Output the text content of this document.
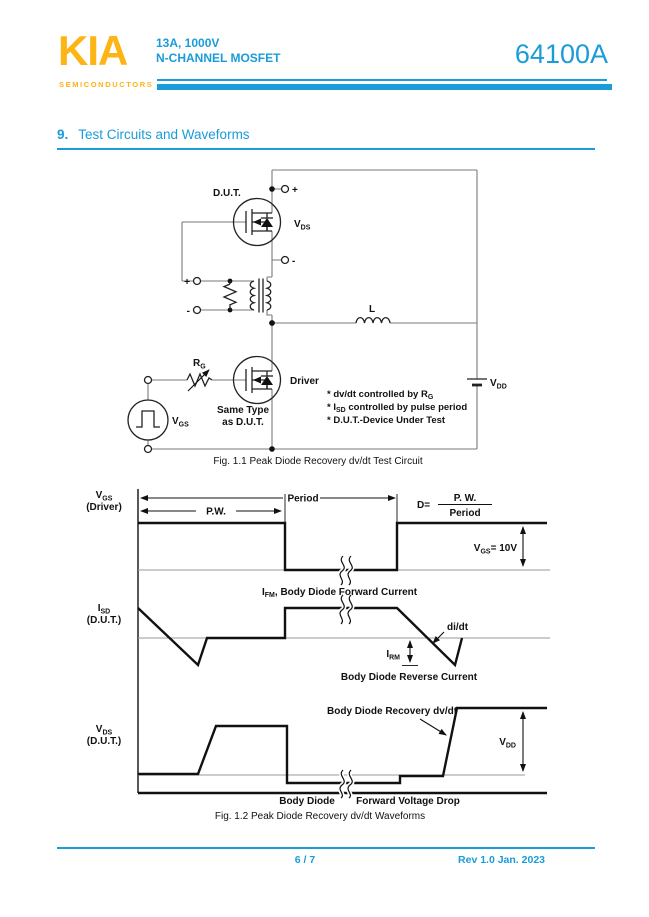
KIA
SEMICONDUCTORS
13A, 1000V
N-CHANNEL MOSFET	64100A
9. Test Circuits and Waveforms
D.U.T.	+
-
$V_{DS}$
+
-	L
$R_G$
Driver
Same Type
as D.U.T.
$V_{GS}$
$V_{DD}$
* dv/dt controlled by $R_G$
* $I_{SD}$ controlled by pulse period
* D.U.T.-Device Under Test
Fig. 1.1 Peak Diode Recovery dv/dt Test Circuit
$V_{GS}$
(Driver)
Period
P.W.
D=
P. W.
Period
$V_{GS}= 10V$
$I_{SD}$
(D.U.T.)
$I_{FM}$, Body Diode Forward Current
di/dt
$I_{RM}$
Body Diode Reverse Current
$V_{DS}$
(D.U.T.)
Body Diode Recovery dv/dt
$V_{DD}$
Body Diode Forward Voltage Drop
Fig. 1.2 Peak Diode Recovery dv/dt Waveforms
6 / 7	Rev 1.0 Jan. 2023
